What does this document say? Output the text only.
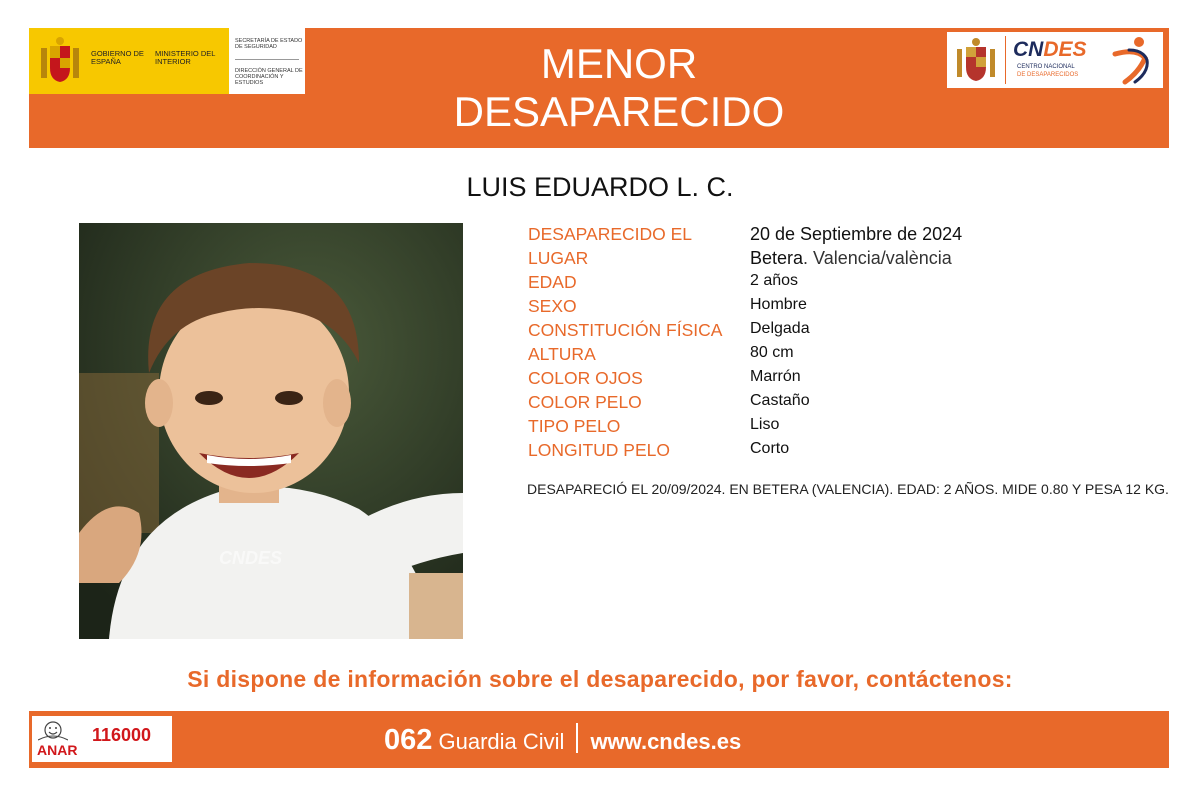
GOBIERNO DE ESPAÑA
MINISTERIO DEL INTERIOR
SECRETARÍA DE ESTADO DE SEGURIDAD
DIRECCIÓN GENERAL DE COORDINACIÓN Y ESTUDIOS	MENOR
DESAPARECIDO
CNDES
CENTRO NACIONAL
DE DESAPARECIDOS
LUIS EDUARDO L. C.
CNDES
DESAPARECIDO EL	20 de Septiembre de 2024
LUGAR	Betera. Valencia/valència
EDAD	2 años
SEXO	Hombre
CONSTITUCIÓN FÍSICA Delgada
ALTURA	80 cm
COLOR OJOS	Marrón
COLOR PELO	Castaño
TIPO PELO	Liso
LONGITUD PELO	Corto
DESAPARECIÓ EL 20/09/2024. EN BETERA (VALENCIA). EDAD: 2 AÑOS. MIDE 0.80 Y PESA 12 KG.
Si dispone de información sobre el desaparecido, por favor, contáctenos:
ANAR
116000	062 Guardia Civil www.cndes.es
